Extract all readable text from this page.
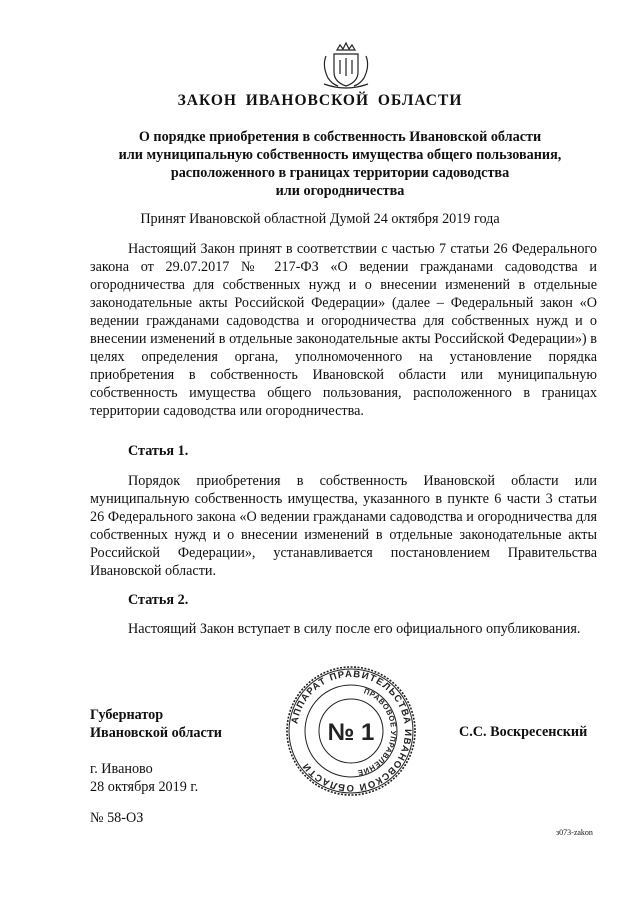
ЗАКОН ИВАНОВСКОЙ ОБЛАСТИ
О порядке приобретения в собственность Ивановской области
или муниципальную собственность имущества общего пользования,
расположенного в границах территории садоводства
или огородничества
Принят Ивановской областной Думой 24 октября 2019 года

Настоящий Закон принят в соответствии с частью 7 статьи 26 Федерального закона от 29.07.2017 № 217-ФЗ «О ведении гражданами садоводства и огородничества для собственных нужд и о внесении изменений в отдельные законодательные акты Российской Федерации» (далее – Федеральный закон «О ведении гражданами садоводства и огородничества для собственных нужд и о внесении изменений в отдельные законодательные акты Российской Федерации») в целях определения органа, уполномоченного на установление порядка приобретения в собственность Ивановской области или муниципальную собственность имущества общего пользования, расположенного в границах территории садоводства или огородничества.

Статья 1.

Порядок приобретения в собственность Ивановской области или муниципальную собственность имущества, указанного в пункте 6 части 3 статьи 26 Федерального закона «О ведении гражданами садоводства и огородничества для собственных нужд и о внесении изменений в отдельные законодательные акты Российской Федерации», устанавливается постановлением Правительства Ивановской области.

Статья 2.

Настоящий Закон вступает в силу после его официального опубликования.

Губернатор
Ивановской области
АППАРАТ ПРАВИТЕЛЬСТВА ИВАНОВСКОЙ ОБЛАСТИ
ПРАВОВОЕ УПРАВЛЕНИЕ
№ 1	С.С. Воскресенский
г. Иваново
28 октября 2019 г.
№ 58-ОЗ
з073-zakon
